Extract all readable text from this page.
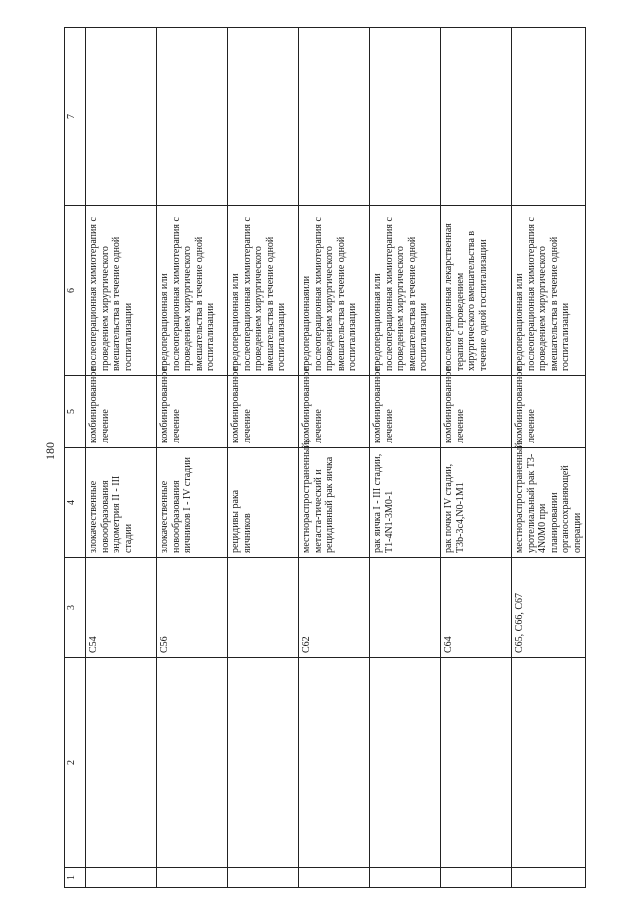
180
1	2	3	4	5	6	7
		C54	злокачественные новообразования эндометрия II - III стадии	комбинированное лечение	послеоперационная химиотерапия с проведением хирургического вмешательства в течение одной госпитализации	
		C56	злокачественные новообразования яичников I - IV стадии	комбинированное лечение	предоперационная или послеоперационная химиотерапия с проведением хирургического вмешательства в течение одной госпитализации	
			рецидивы рака яичников	комбинированное лечение	предоперационная или послеоперационная химиотерапия с проведением хирургического вмешательства в течение одной госпитализации	
		C62	местнораспространенный, метаста-тический и рецидивный рак яичка	комбинированное лечение	предоперационнаяили послеоперационная химиотерапия с проведением хирургического вмешательства в течение одной госпитализации	
			рак яичка I - III стадии, T1-4N1-3M0-1	комбинированное лечение	предоперационная или послеоперационная химиотерапия с проведением хирургического вмешательства в течение одной госпитализации	
		C64	рак почки IV стадии, T3b-3c4,N0-1M1	комбинированное лечение	послеоперационная лекарственная терапия с проведением хирургического вмешательства в течение одной госпитализации	
		C65, C66, C67	местнораспространенный уротелиальный рак T3-4N0M0 при планировании органосохраняющей операции	комбинированное лечение	предоперационная или послеоперационная химиотерапия с проведением хирургического вмешательства в течение одной госпитализации	
